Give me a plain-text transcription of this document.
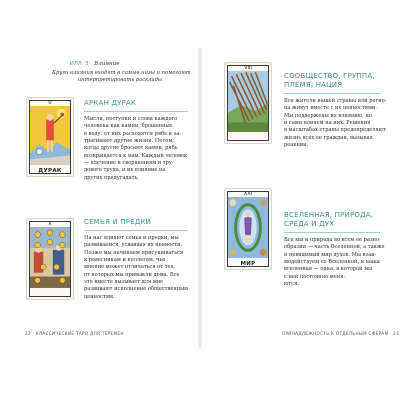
ИЛЛ. 3 Влияние
Круги влияния входят в самые низы и помогают
интерпретировать расклады
0
ДУРАК
АРКАН ДУРАК
Мысли, поступки и слова каждого
человека как камни, брошенные
в воду: от них расходятся рябь и за-
трагивают другие жизни. Потом,
когда другие бросают камни, рябь
возвращается к нам. Каждый человек
— влечение к свершениям и тру-
дового труда, и их влияние на
других предугадать.
X	СЕМЬЯ И ПРЕДКИ
На нас влияют семья и предки, мы
развиваемся, усваивая их ценности.
Позже мы начинаем присушиваться
к ровесникам и коллегам, чье
мнение может отличаться от тех,
от которых мы привыкли дома. Все
это вместе вызывает для мне
развивают исполнение общественным
ценностям.
VIII
СООБЩЕСТВО, ГРУППА,
ПЛЕМЯ, НАЦИЯ
Все жители нашей страны или регио-
на живут вместе с их ценностями.
Мы подвержены их влиянию, но
и сами влияем на них. Решения
в масштабах страны предопределяют
жизнь всех ее граждан, вызывая
реакции.
XXI
МИР
ВСЕЛЕННАЯ, ПРИРОДА,
СРЕДА И ДУХ
Все мы и природа во всем ее разно-
образии — часть Вселенной, а также
и невидимый мир духов. Мы взаи-
модействуем со Вселенной, и наша
вселенная — одна, в которой мы
с ней постоянно меня-
ются.
22 КЛАССИЧЕСКИЕ ТАРО ДЛЯ ТЕРЕМЕН	ПРИНАДЛЕЖНОСТЬ К ОТДЕЛЬНЫМ СФЕРАМ 23
